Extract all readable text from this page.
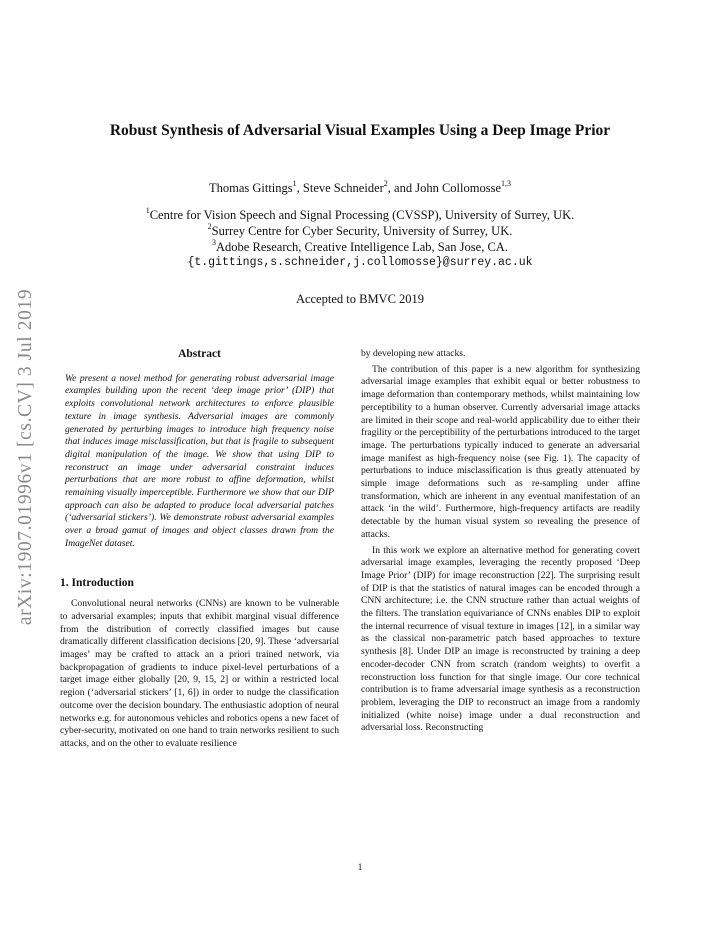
arXiv:1907.01996v1 [cs.CV] 3 Jul 2019
Robust Synthesis of Adversarial Visual Examples Using a Deep Image Prior
Thomas Gittings$^1$, Steve Schneider$^2$, and John Collomosse$^{1,3}$
$^1$Centre for Vision Speech and Signal Processing (CVSSP), University of Surrey, UK.
$^2$Surrey Centre for Cyber Security, University of Surrey, UK.
$^3$Adobe Research, Creative Intelligence Lab, San Jose, CA.
{t.gittings,s.schneider,j.collomosse}@surrey.ac.uk
Accepted to BMVC 2019
Abstract

We present a novel method for generating robust adversarial image examples building upon the recent ‘deep image prior’ (DIP) that exploits convolutional network architectures to enforce plausible texture in image synthesis. Adversarial images are commonly generated by perturbing images to introduce high frequency noise that induces image misclassification, but that is fragile to subsequent digital manipulation of the image. We show that using DIP to reconstruct an image under adversarial constraint induces perturbations that are more robust to affine deformation, whilst remaining visually imperceptible. Furthermore we show that our DIP approach can also be adapted to produce local adversarial patches (‘adversarial stickers’). We demonstrate robust adversarial examples over a broad gamut of images and object classes drawn from the ImageNet dataset.

1. Introduction

Convolutional neural networks (CNNs) are known to be vulnerable to adversarial examples; inputs that exhibit marginal visual difference from the distribution of correctly classified images but cause dramatically different classification decisions [20, 9]. These ‘adversarial images’ may be crafted to attack an a priori trained network, via backpropagation of gradients to induce pixel-level perturbations of a target image either globally [20, 9, 15, 2] or within a restricted local region (‘adversarial stickers’ [1, 6]) in order to nudge the classification outcome over the decision boundary. The enthusiastic adoption of neural networks e.g. for autonomous vehicles and robotics opens a new facet of cyber-security, motivated on one hand to train networks resilient to such attacks, and on the other to evaluate resilience

by developing new attacks.

The contribution of this paper is a new algorithm for synthesizing adversarial image examples that exhibit equal or better robustness to image deformation than contemporary methods, whilst maintaining low perceptibility to a human observer. Currently adversarial image attacks are limited in their scope and real-world applicability due to either their fragility or the perceptibility of the perturbations introduced to the target image. The perturbations typically induced to generate an adversarial image manifest as high-frequency noise (see Fig. 1). The capacity of perturbations to induce misclassification is thus greatly attenuated by simple image deformations such as re-sampling under affine transformation, which are inherent in any eventual manifestation of an attack ‘in the wild’. Furthermore, high-frequency artifacts are readily detectable by the human visual system so revealing the presence of attacks.

In this work we explore an alternative method for generating covert adversarial image examples, leveraging the recently proposed ‘Deep Image Prior’ (DIP) for image reconstruction [22]. The surprising result of DIP is that the statistics of natural images can be encoded through a CNN architecture; i.e. the CNN structure rather than actual weights of the filters. The translation equivariance of CNNs enables DIP to exploit the internal recurrence of visual texture in images [12], in a similar way as the classical non-parametric patch based approaches to texture synthesis [8]. Under DIP an image is reconstructed by training a deep encoder-decoder CNN from scratch (random weights) to overfit a reconstruction loss function for that single image. Our core technical contribution is to frame adversarial image synthesis as a reconstruction problem, leveraging the DIP to reconstruct an image from a randomly initialized (white noise) image under a dual reconstruction and adversarial loss. Reconstructing

1
